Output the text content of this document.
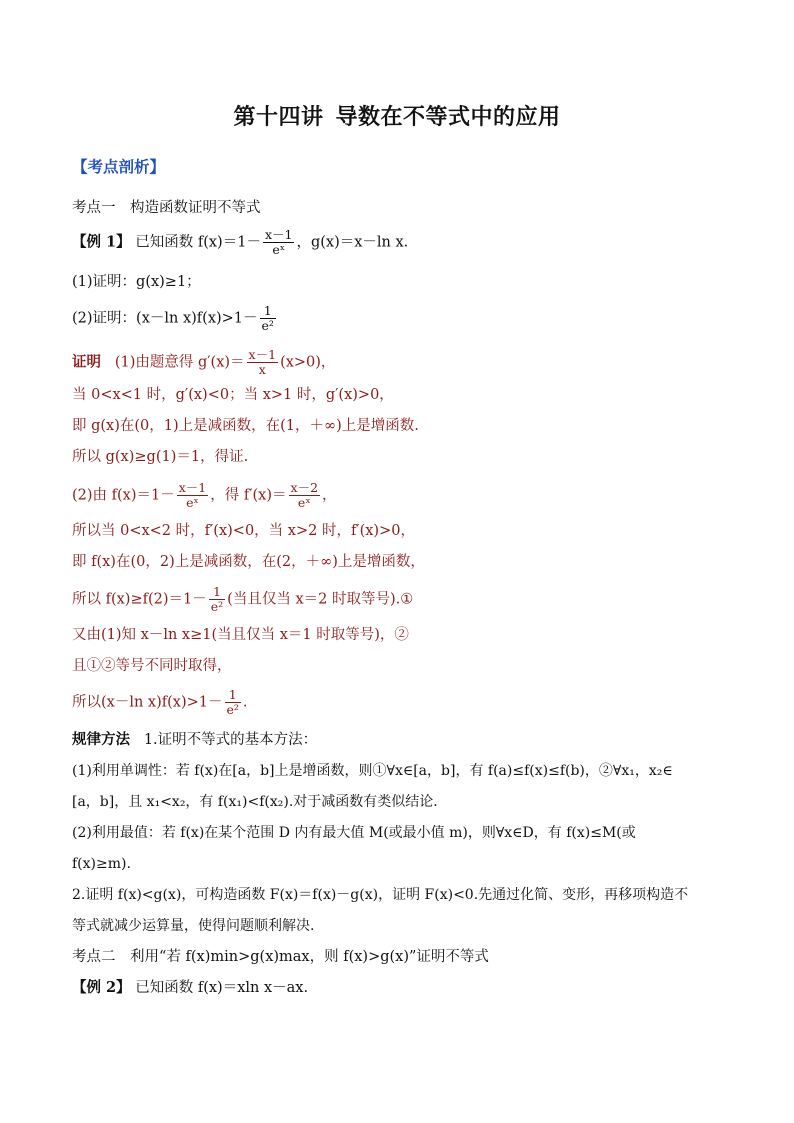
第十四讲 导数在不等式中的应用
【考点剖析】
考点一　构造函数证明不等式
【例 1】 已知函数 $f(x)=1- \frac{x-1}{\text{eˣ}}$ ，g(x)＝x－ln x.
(1)证明：g(x)≥1；
(2)证明：(x－ln $x)f(x)>1- \frac{1}{\text{e²}}$
证明 (1)由题意得 $g'(x)= \frac{x-1}{x} (x>0)$，
当 0<x<1 时，g′(x)<0；当 x>1 时，g′(x)>0，
即 g(x)在(0，1)上是减函数，在(1，＋∞)上是增函数.
所以 g(x)≥g(1)＝1，得证.
(2)由 $f(x)=1- \frac{x-1}{\text{eˣ}}$ ，得 $f'(x)= \frac{x-2}{\text{eˣ}}$ ，
所以当 0<x<2 时，f′(x)<0，当 x>2 时，f′(x)>0，
即 f(x)在(0，2)上是减函数，在(2，＋∞)上是增函数，
所以 $f(x)\ge f(2)=1- \frac{1}{\text{e²}}$ (当且仅当 x＝2 时取等号).①
又由(1)知 x－ln x≥1(当且仅当 x＝1 时取等号)，②
且①②等号不同时取得，
所以(x－ln $x)f(x)>1- \frac{1}{\text{e²}}$ .
规律方法 1.证明不等式的基本方法：
(1)利用单调性：若 f(x)在[a，b]上是增函数，则①∀x∈[a，b]，有 f(a)≤f(x)≤f(b)，②∀x₁，x₂∈
[a，b]，且 x₁<x₂，有 f(x₁)<f(x₂).对于减函数有类似结论.
(2)利用最值：若 f(x)在某个范围 D 内有最大值 M(或最小值 m)，则∀x∈D，有 f(x)≤M(或
f(x)≥m).
2.证明 f(x)<g(x)，可构造函数 F(x)＝f(x)－g(x)，证明 F(x)<0.先通过化简、变形，再移项构造不
等式就减少运算量，使得问题顺利解决.
考点二　利用“若 f(x)min>g(x)max，则 f(x)>g(x)”证明不等式
【例 2】 已知函数 f(x)＝xln x－ax.
